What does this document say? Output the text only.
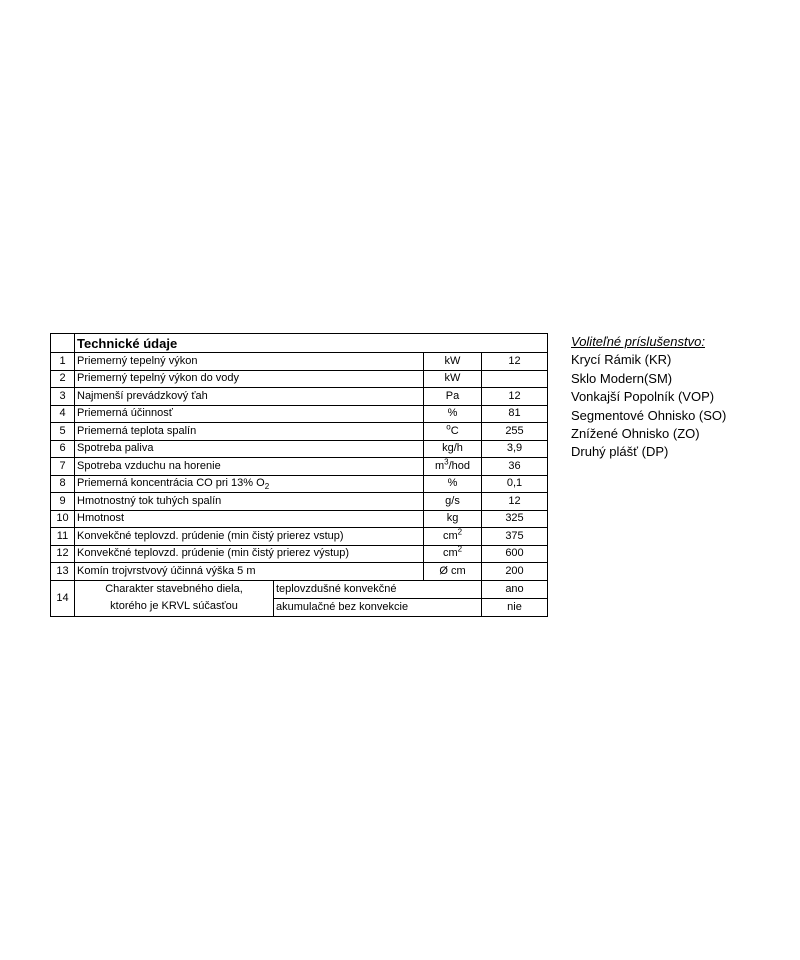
	Technické údaje			
1	Priemerný tepelný výkon		kW	12
2	Priemerný tepelný výkon do vody		kW	
3	Najmenší prevádzkový ťah		Pa	12
4	Priemerná účinnosť		%	81
5	Priemerná teplota spalín		$^o$C	255
6	Spotreba paliva		kg/h	3,9
7	Spotreba vzduchu na horenie		$m^3$/hod	36
8	Priemerná koncentrácia CO pri 13% $O_2$		%	0,1
9	Hmotnostný tok tuhých spalín		g/s	12
10	Hmotnost		kg	325
11	Konvekčné teplovzd. prúdenie (min čistý prierez vstup)		$cm^2$	375
12	Konvekčné teplovzd. prúdenie (min čistý prierez výstup)		$cm^2$	600
13	Komín trojvrstvový účinná výška 5 m		Ø cm	200
14	Charakter stavebného diela,
ktorého je KRVL súčasťou	teplovzdušné konvekčné		ano
		akumulačné bez konvekcie		nie
Voliteľné príslušenstvo:
Krycí Rámik (KR)
Sklo Modern(SM)
Vonkajší Popolník (VOP)
Segmentové Ohnisko (SO)
Znížené Ohnisko (ZO)
Druhý plášť (DP)
